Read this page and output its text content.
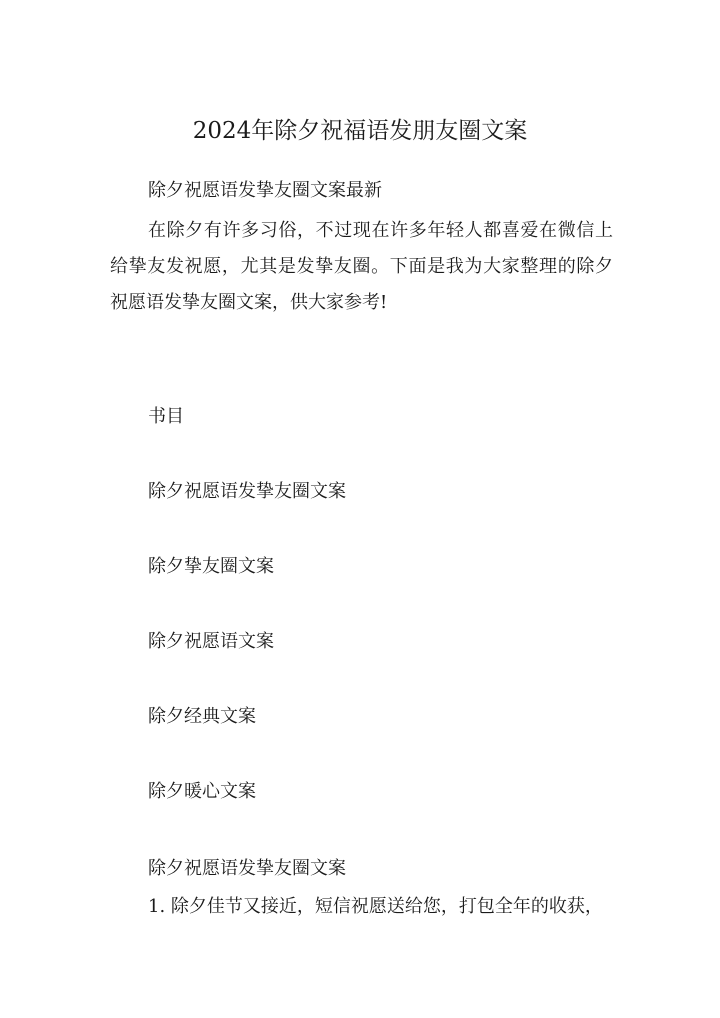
2024年除夕祝福语发朋友圈文案

除夕祝愿语发挚友圈文案最新

在除夕有许多习俗，不过现在许多年轻人都喜爱在微信上给挚友发祝愿，尤其是发挚友圈。下面是我为大家整理的除夕祝愿语发挚友圈文案，供大家参考!

书目

除夕祝愿语发挚友圈文案
除夕挚友圈文案
除夕祝愿语文案
除夕经典文案
除夕暖心文案
除夕祝愿语发挚友圈文案

1. 除夕佳节又接近，短信祝愿送给您，打包全年的收获，
